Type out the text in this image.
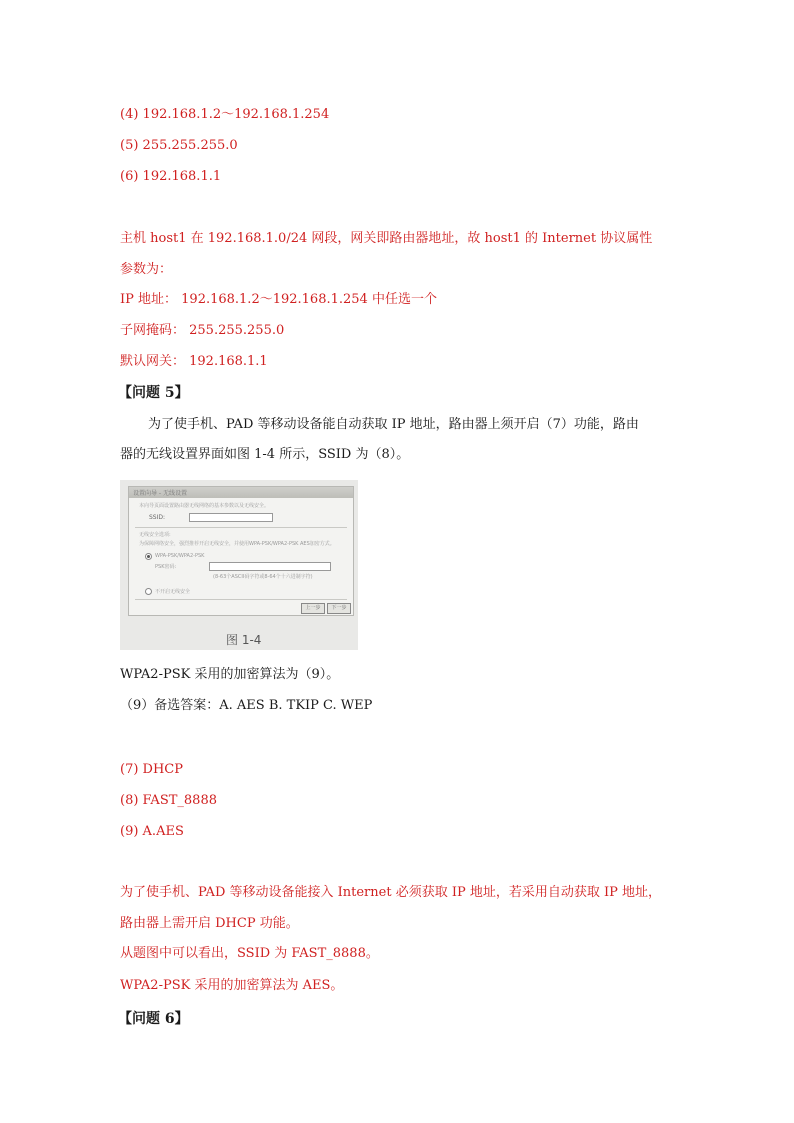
(4) 192.168.1.2～192.168.1.254
(5) 255.255.255.0
(6) 192.168.1.1
主机 host1 在 192.168.1.0/24 网段，网关即路由器地址，故 host1 的 Internet 协议属性
参数为：
IP 地址： 192.168.1.2～192.168.1.254 中任选一个
子网掩码： 255.255.255.0
默认网关： 192.168.1.1
【问题 5】
为了使手机、PAD 等移动设备能自动获取 IP 地址，路由器上须开启（7）功能，路由
器的无线设置界面如图 1-4 所示，SSID 为（8）。
设置向导 - 无线设置
本向导页面设置路由器无线网络的基本参数以及无线安全。
SSID:
无线安全选项:
为保障网络安全，强烈推荐开启无线安全，并使用WPA-PSK/WPA2-PSK AES加密方式。
WPA-PSK/WPA2-PSK
PSK密码:
(8-63个ASCII码字符或8-64个十六进制字符)
不开启无线安全
上一步	下一步
图 1-4
WPA2-PSK 采用的加密算法为（9）。
（9）备选答案：A. AES B. TKIP C. WEP
(7) DHCP
(8) FAST_8888
(9) A.AES
为了使手机、PAD 等移动设备能接入 Internet 必须获取 IP 地址，若采用自动获取 IP 地址，
路由器上需开启 DHCP 功能。
从题图中可以看出，SSID 为 FAST_8888。
WPA2-PSK 采用的加密算法为 AES。
【问题 6】
